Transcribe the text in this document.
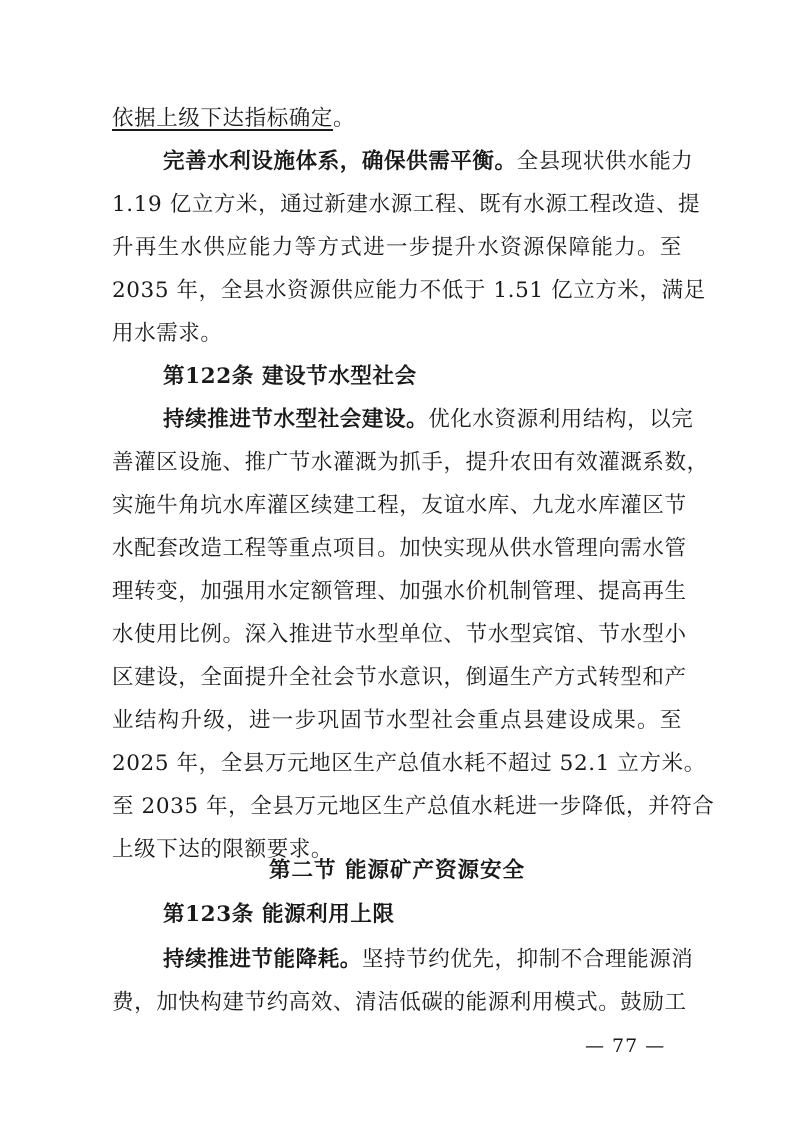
依据上级下达指标确定。
完善水利设施体系，确保供需平衡。全县现状供水能力
1.19 亿立方米，通过新建水源工程、既有水源工程改造、提
升再生水供应能力等方式进一步提升水资源保障能力。至
2035 年，全县水资源供应能力不低于 1.51 亿立方米，满足
用水需求。
第122条 建设节水型社会
持续推进节水型社会建设。优化水资源利用结构，以完
善灌区设施、推广节水灌溉为抓手，提升农田有效灌溉系数，
实施牛角坑水库灌区续建工程，友谊水库、九龙水库灌区节
水配套改造工程等重点项目。加快实现从供水管理向需水管
理转变，加强用水定额管理、加强水价机制管理、提高再生
水使用比例。深入推进节水型单位、节水型宾馆、节水型小
区建设，全面提升全社会节水意识，倒逼生产方式转型和产
业结构升级，进一步巩固节水型社会重点县建设成果。至
2025 年，全县万元地区生产总值水耗不超过 52.1 立方米。
至 2035 年，全县万元地区生产总值水耗进一步降低，并符合
上级下达的限额要求。
第二节 能源矿产资源安全
第123条 能源利用上限
持续推进节能降耗。坚持节约优先，抑制不合理能源消
费，加快构建节约高效、清洁低碳的能源利用模式。鼓励工
— 77 —
